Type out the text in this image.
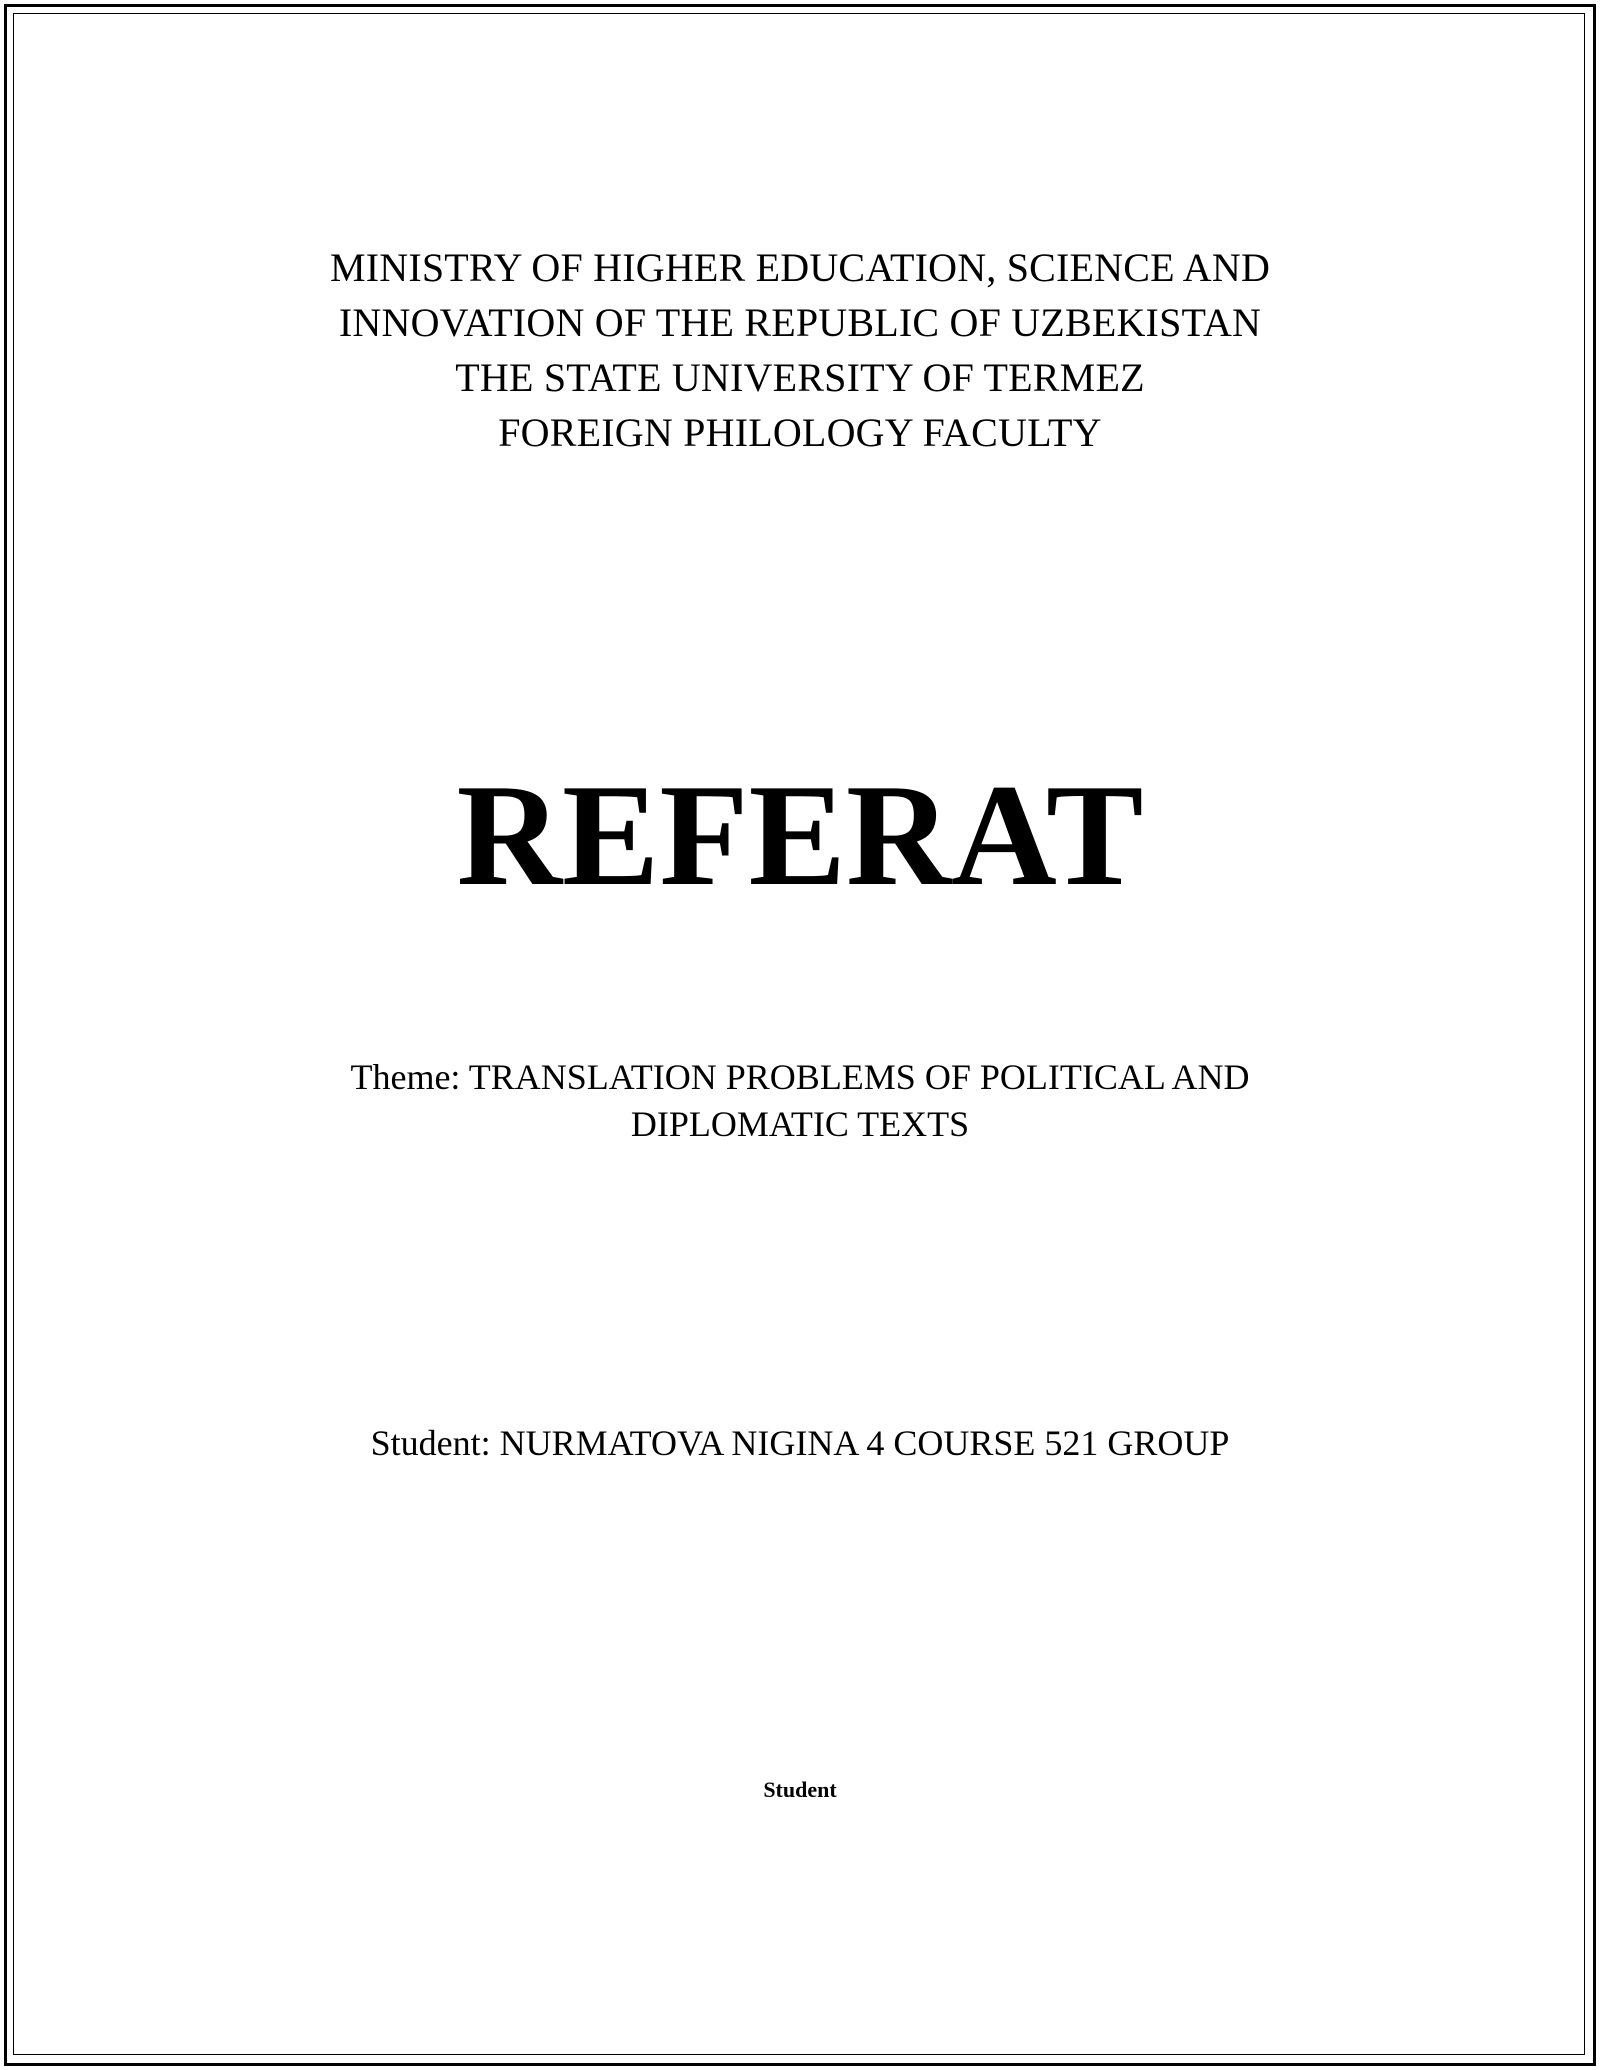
MINISTRY OF HIGHER EDUCATION, SCIENCE AND
INNOVATION OF THE REPUBLIC OF UZBEKISTAN
THE STATE UNIVERSITY OF TERMEZ
FOREIGN PHILOLOGY FACULTY
REFERAT
Theme: TRANSLATION PROBLEMS OF POLITICAL AND
DIPLOMATIC TEXTS
Student: NURMATOVA NIGINA 4 COURSE 521 GROUP
Student
